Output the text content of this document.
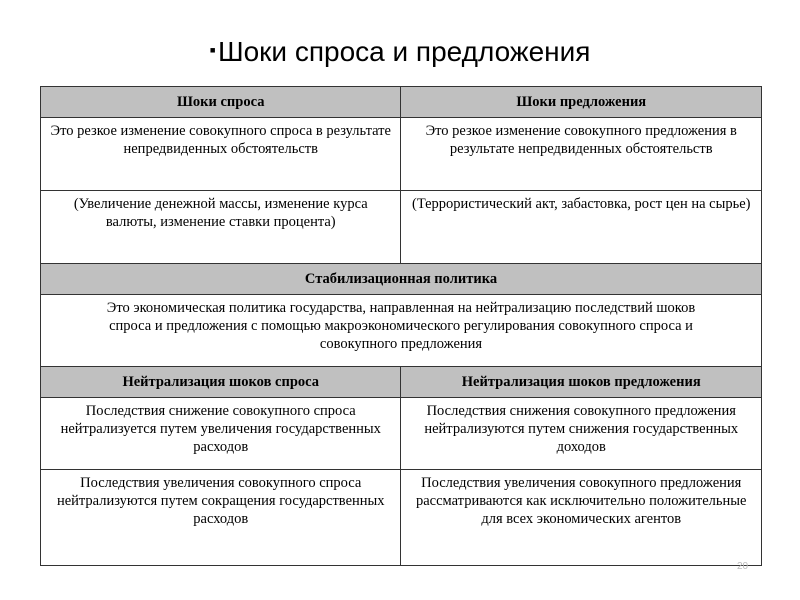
▪Шоки спроса и предложения
Шоки спроса	Шоки предложения
Это резкое изменение совокупного спроса в результате непредвиденных обстоятельств	Это резкое изменение совокупного предложения в результате непредвиденных обстоятельств
(Увеличение денежной массы, изменение курса валюты, изменение ставки процента)	(Террористический акт, забастовка, рост цен на сырье)
Стабилизационная политика	
Это экономическая политика государства, направленная на нейтрализацию последствий шоков спроса и предложения с помощью макроэкономического регулирования совокупного спроса и совокупного предложения	
Нейтрализация шоков спроса	Нейтрализация шоков предложения
Последствия снижение совокупного спроса нейтрализуется путем увеличения государственных расходов	Последствия снижения совокупного предложения нейтрализуются путем снижения государственных доходов
Последствия увеличения совокупного спроса нейтрализуются путем сокращения государственных расходов	Последствия увеличения совокупного предложения рассматриваются как исключительно положительные для всех экономических агентов
20
